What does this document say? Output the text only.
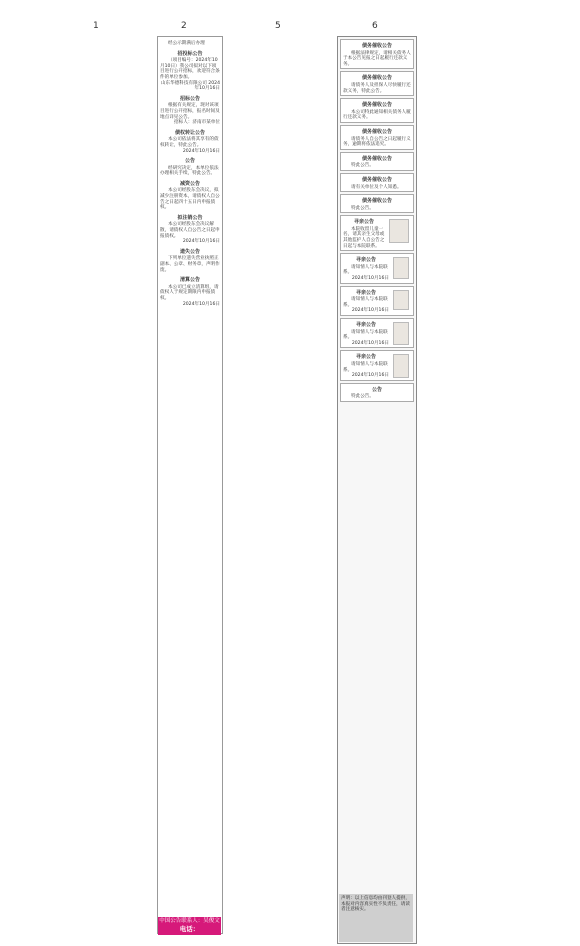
1	2	5	6
经公示期满后办理
招投标公告
（项目编号：2024年10月10日）我公司拟对以下项目进行公开招标，欢迎符合条件的单位参加。
山东华德科技有限公司 2024年10月16日
招标公告
根据有关规定，现对该项目进行公开招标，报名时间及地点详见公告。
招标人：济南市某单位
债权转让公告
本公司依法将其享有的债权转让，特此公告。
2024年10月16日
公告
经研究决定，本单位依法办理相关手续，特此公告。
减资公告
本公司经股东会决议，拟减少注册资本，请债权人自公告之日起四十五日内申报债权。
拟注销公告
本公司经股东会决议解散，请债权人自公告之日起申报债权。
2024年10月16日
遗失公告
下列单位遗失营业执照正副本、公章、财务章，声明作废。
清算公告
本公司已成立清算组，请债权人于规定期限内申报债权。
2024年10月16日
中国公告联系人：吴俊文
电话：13515317258
债务催收公告
根据法律规定，请相关债务人于本公告见报之日起履行还款义务。
债务催收公告
请债务人及担保人尽快履行还款义务，特此公告。
债务催收公告
本公司特此通知相关债务人履行还款义务。
债务催收公告
请债务人自公告之日起履行义务，逾期将依法追究。
债务催收公告
特此公告。
债务催收公告
请有关单位及个人知悉。
债务催收公告
特此公告。
寻亲公告
本院收留儿童一名，请其亲生父母或其他监护人自公告之日起与本院联系。
寻亲公告
请知情人与本院联系。
2024年10月16日
寻亲公告
请知情人与本院联系。
2024年10月16日
寻亲公告
请知情人与本院联系。
2024年10月16日
寻亲公告
请知情人与本院联系。
2024年10月16日
公告
特此公告。
声明：以上信息均由刊登人提供，本报对内容真实性不负责任，请读者注意核实。
